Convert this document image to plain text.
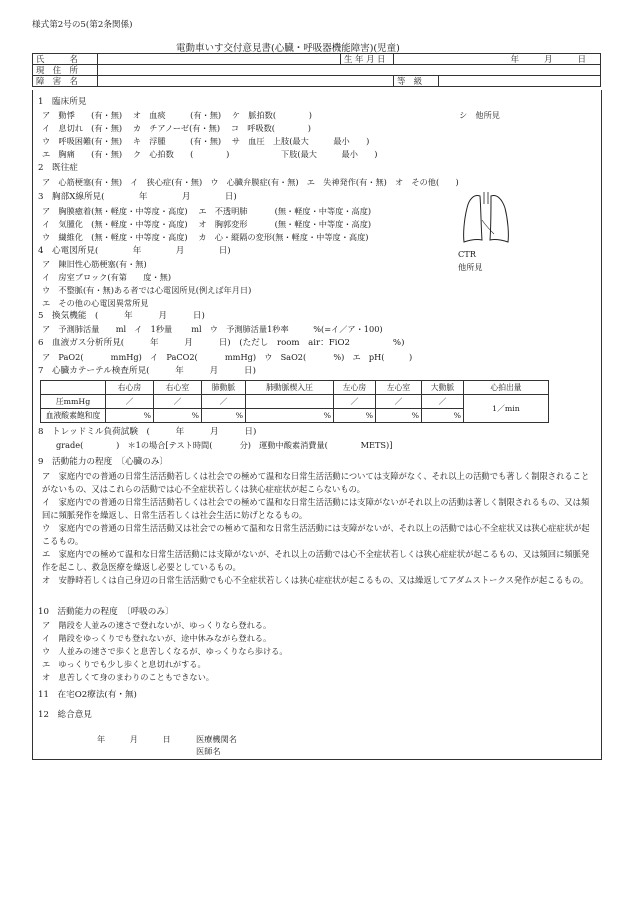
様式第2号の5(第2条関係)
電動車いす交付意見書(心臓・呼吸器機能障害)(児童)
氏　　　名		生 年 月 日	年　　　月　　　日
現　住　所			
障　害　名			等　級
1　臨床所見
ア　動悸　　(有・無)　 オ　血痰　　　(有・無)　 ケ　脈拍数(　　　　)
イ　息切れ　(有・無)　 カ　チアノーゼ(有・無)　 コ　呼吸数(　　　　)
ウ　呼吸困難(有・無)　 キ　浮腫　　　(有・無)　 サ　血圧　上肢(最大　　　最小　　)
エ　胸痛　　(有・無)　 ク　心拍数　　(　　　　)　　　　　　 下肢(最大　　　最小　　)
シ　他所見
2　既往症
ア　心筋梗塞(有・無)　イ　狭心症(有・無)　ウ　心臓弁膜症(有・無)　エ　失神発作(有・無)　オ　その他(　　)
3　胸部X線所見(　　　　年　　　　月　　　　日)
ア　胸膜癒着(無・軽度・中等度・高度)　 エ　不透明肺　　　 (無・軽度・中等度・高度)
イ　気腫化　(無・軽度・中等度・高度)　 オ　胸郭変形　　　 (無・軽度・中等度・高度)
ウ　繊維化　(無・軽度・中等度・高度)　 カ　心・縦隔の変形(無・軽度・中等度・高度)
CTR
他所見
4　心電図所見(　　　　年　　　　月　　　　日)
ア　陳旧性心筋梗塞(有・無)
イ　房室ブロック(有第　　度・無)
ウ　不整脈(有・無)ある者では心電図所見(例えば年月日)
エ　その他の心電図異常所見
5　換気機能　(　　　年　　　月　　　日)
ア　予測肺活量　　ml　イ　1秒量　　 ml　ウ　予測肺活量1秒率　　　%(=イ／ア・100)
6　血液ガス分析所見(　　　年　　　月　　　日)　(ただし　room　air：FiO2　　　　　%)
ア　PaO2(　　　 mmHg)　イ　PaCO2(　　　 mmHg)　ウ　SaO2(　　　 %)　エ　pH(　　　)
7　心臓カテーテル検査所見(　　　年　　　月　　　日)
	右心房	右心室	肺動脈	肺動脈楔入圧	左心房	左心室	大動脈	心拍出量
圧mmHg	／	／	／		／	／	／	1／min
血液酸素飽和度	%	%	%	%	%	%	%	
8　トレッドミル負荷試験　(　　　年　　　月　　　日)
grade(　　　　)　＊1の場合[テスト時間(　　　 分)　運動中酸素消費量(　　　　METS)]
9　活動能力の程度　〔心臓のみ〕
ア　家庭内での普通の日常生活活動若しくは社会での極めて温和な日常生活活動については支障がなく、それ以上の活動でも著しく制限されることがないもの、又はこれらの活動では心不全症状若しくは狭心症症状が起こらないもの。
イ　家庭内での普通の日常生活活動若しくは社会での極めて温和な日常生活活動には支障がないがそれ以上の活動は著しく制限されるもの、又は頻回に頻脈発作を繰返し、日常生活若しくは社会生活に妨げとなるもの。
ウ　家庭内での普通の日常生活活動又は社会での極めて温和な日常生活活動には支障がないが、それ以上の活動では心不全症状又は狭心症症状が起こるもの。
エ　家庭内での極めて温和な日常生活活動には支障がないが、それ以上の活動では心不全症状若しくは狭心症症状が起こるもの、又は頻回に頻脈発作を起こし、救急医療を繰返し必要としているもの。
オ　安静時若しくは自己身辺の日常生活活動でも心不全症状若しくは狭心症症状が起こるもの、又は繰返してアダムストークス発作が起こるもの。
10　活動能力の程度　〔呼吸のみ〕
ア　階段を人並みの速さで登れないが、ゆっくりなら登れる。
イ　階段をゆっくりでも登れないが、途中休みながら登れる。
ウ　人並みの速さで歩くと息苦しくなるが、ゆっくりなら歩ける。
エ　ゆっくりでも少し歩くと息切れがする。
オ　息苦しくて身のまわりのこともできない。
11　在宅O2療法(有・無)
12　総合意見
年　　　月　　　日	医療機関名
医師名
